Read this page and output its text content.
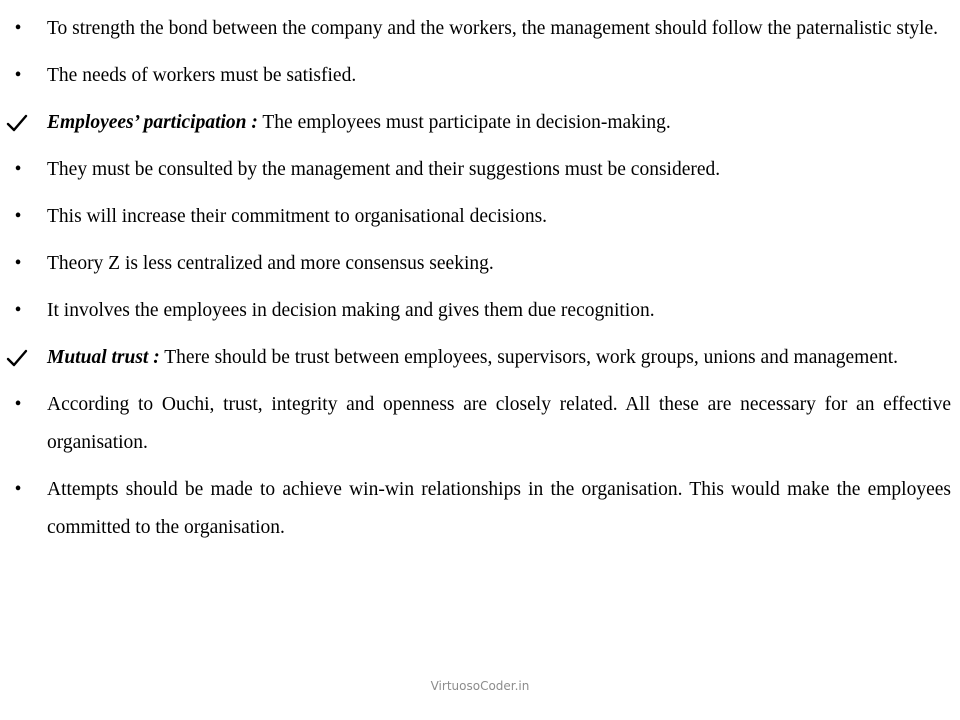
•	To strength the bond between the company and the workers, the management should follow the paternalistic style.
•	The needs of workers must be satisfied.
Employees’ participation : The employees must participate in decision-making.
•	They must be consulted by the management and their suggestions must be considered.
•	This will increase their commitment to organisational decisions.
•	Theory Z is less centralized and more consensus seeking.
•	It involves the employees in decision making and gives them due recognition.
Mutual trust : There should be trust between employees, supervisors, work groups, unions and management.
•	According to Ouchi, trust, integrity and openness are closely related. All these are necessary for an effective organisation.
•	Attempts should be made to achieve win-win relationships in the organisation. This would make the employees committed to the organisation.
VirtuosoCoder.in
